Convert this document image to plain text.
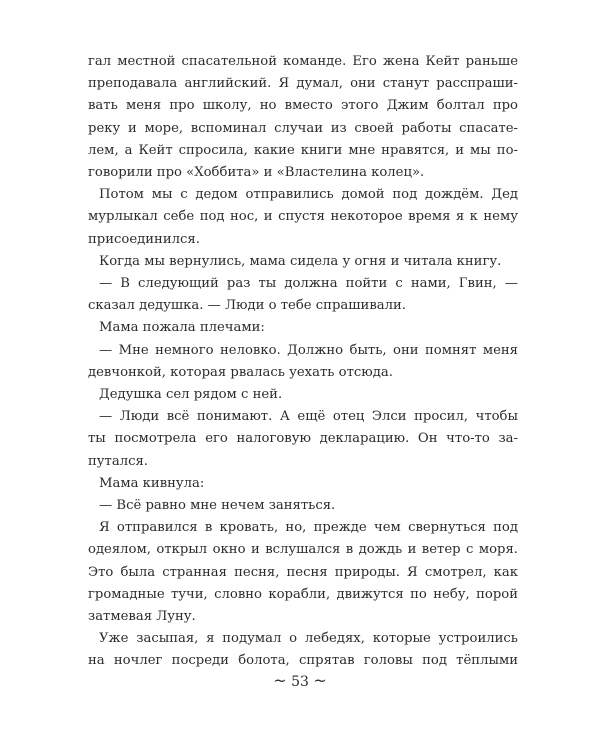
гал местной спасательной команде. Его жена Кейт раньше
преподавала английский. Я думал, они станут расспраши-
вать меня про школу, но вместо этого Джим болтал про
реку и море, вспоминал случаи из своей работы спасате-
лем, а Кейт спросила, какие книги мне нравятся, и мы по-
говорили про «Хоббита» и «Властелина колец».
Потом мы с дедом отправились домой под дождём. Дед
мурлыкал себе под нос, и спустя некоторое время я к нему
присоединился.
Когда мы вернулись, мама сидела у огня и читала книгу.
— В следующий раз ты должна пойти с нами, Гвин, —
сказал дедушка. — Люди о тебе спрашивали.
Мама пожала плечами:
— Мне немного неловко. Должно быть, они помнят меня
девчонкой, которая рвалась уехать отсюда.
Дедушка сел рядом с ней.
— Люди всё понимают. А ещё отец Элси просил, чтобы
ты посмотрела его налоговую декларацию. Он что-то за-
путался.
Мама кивнула:
— Всё равно мне нечем заняться.
Я отправился в кровать, но, прежде чем свернуться под
одеялом, открыл окно и вслушался в дождь и ветер с моря.
Это была странная песня, песня природы. Я смотрел, как
громадные тучи, словно корабли, движутся по небу, порой
затмевая Луну.
Уже засыпая, я подумал о лебедях, которые устроились
на ночлег посреди болота, спрятав головы под тёплыми
~ 53 ~
